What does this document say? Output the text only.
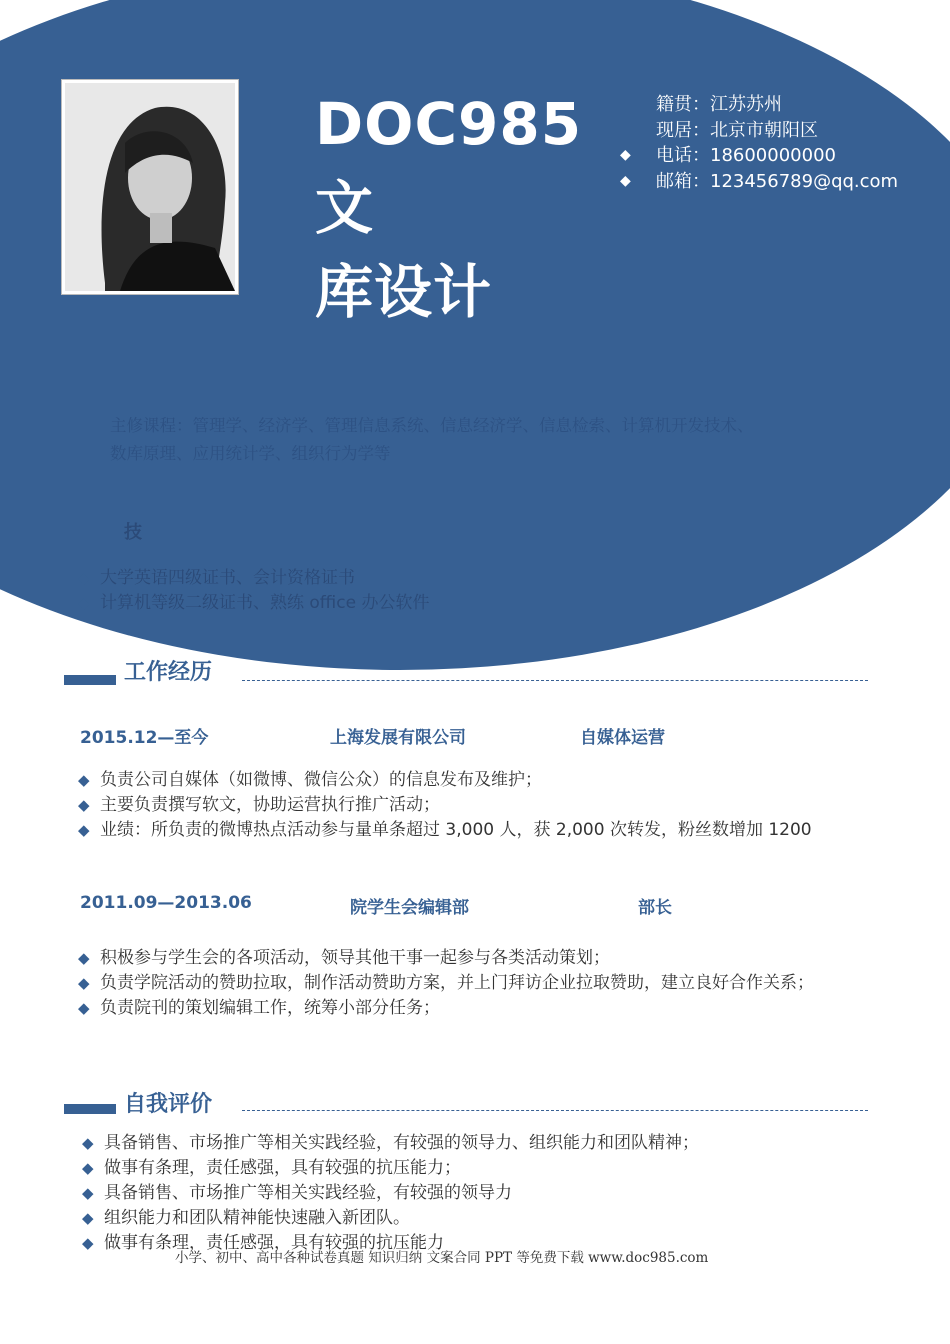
DOC985 文
库设计
籍贯：江苏苏州
现居：北京市朝阳区
◆	电话：18600000000
◆	邮箱：123456789@qq.com
主修课程：管理学、经济学、管理信息系统、信息经济学、信息检索、计算机开发技术、
数库原理、应用统计学、组织行为学等
技
◆ 大学英语四级证书、会计资格证书
◆ 计算机等级二级证书、熟练 office 办公软件
工作经历
2015.12—至今	上海发展有限公司	自媒体运营
◆ 负责公司自媒体（如微博、微信公众）的信息发布及维护；
◆ 主要负责撰写软文，协助运营执行推广活动；
◆ 业绩：所负责的微博热点活动参与量单条超过 3,000 人，获 2,000 次转发，粉丝数增加 1200
2011.09—2013.06	院学生会编辑部	部长
◆ 积极参与学生会的各项活动，领导其他干事一起参与各类活动策划；
◆ 负责学院活动的赞助拉取，制作活动赞助方案，并上门拜访企业拉取赞助，建立良好合作关系；
◆ 负责院刊的策划编辑工作，统筹小部分任务；
自我评价
◆ 具备销售、市场推广等相关实践经验，有较强的领导力、组织能力和团队精神；
◆ 做事有条理，责任感强，具有较强的抗压能力；
◆ 具备销售、市场推广等相关实践经验，有较强的领导力
◆ 组织能力和团队精神能快速融入新团队。
◆ 做事有条理，责任感强，具有较强的抗压能力
小学、初中、高中各种试卷真题 知识归纳 文案合同 PPT 等免费下载 www.doc985.com
